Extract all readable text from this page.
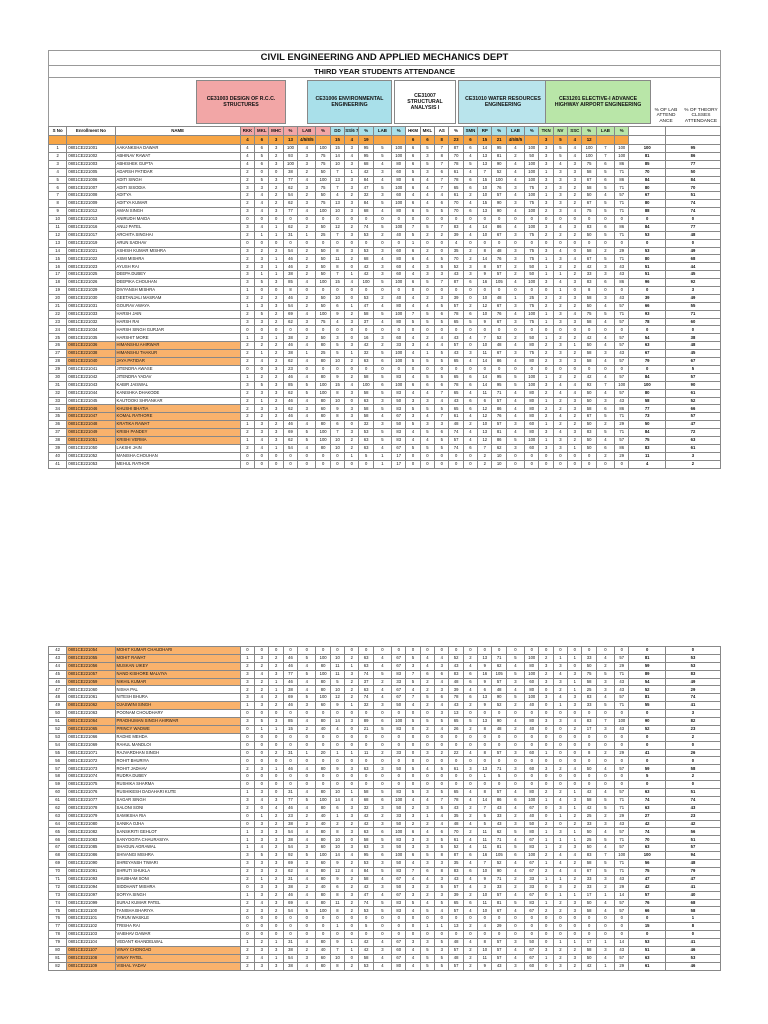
CIVIL ENGINEERING AND APPLIED MECHANICS DEPT
THIRD YEAR STUDENTS ATTENDANCE
CE31003 DESIGN OF R.C.C. STRUCTURES
CE31006 ENVIRONMENTAL ENGINEERING
CE31007 STRUCTURAL ANALYSIS I
CE31010 WATER RESOURCES ENGINEERING
CE31201 ELECTIVE-I ADVANCE HIGHWAY AIRPORT ENGINEERING
% OF LAB ATTEND ANCE
% OF THEORY CLSSES ATTENDANCE
S No	Enrollment No	NAME	RKK	MKL	MHC	%	LAB	%	DD	SS/6 7	%	LAB	%	HKM	MKL	AS	%	SMN	RP	%	LAB	%	TKN	NV	SSC	%	LAB	%		
			4	6	3	13	4/5/8/5		15	4	19			6	6	8	23	6	15	21	4/5/8/5		3	5	4	12				
1	0801CE221001	AAKANKSHA DAWAR	4	6	3	100	4	100	15	3	95	5	100	6	5	7	87	6	14	95	4	100	3	5	4	100	7	100	100	95
2	0801CE221002	ABHINAV RAWAT	4	5	2	93	3	75	14	4	95	5	100	6	3	8	70	4	13	81	2	50	3	5	4	100	7	100	81	86
3	0801CE221003	ABHISHEK GUPTA	4	6	3	100	3	75	10	3	68	4	80	6	5	7	78	5	13	90	4	100	3	4	3	75	6	86	85	77
4	0801CE221005	ADARSH PATIDAR	2	0	0	38	2	50	7	1	42	3	60	5	3	6	61	4	7	52	4	100	1	3	3	58	5	71	70	50
5	0801CE221006	ADITI SINGH	2	5	3	77	4	100	13	3	84	4	80	6	4	7	78	6	15	100	4	100	3	3	3	67	6	86	84	84
6	0801CE221007	ADITI SISODIA	3	3	2	62	3	75	7	3	47	5	100	6	4	7	65	6	10	76	3	75	2	3	2	58	5	71	80	70
7	0801CE221008	ADITYA	2	4	2	54	2	50	4	2	32	3	60	4	4	4	61	2	10	57	4	100	1	3	2	50	4	57	67	51
8	0801CE221009	ADITYA KUMAR	2	4	2	62	3	75	13	3	84	5	100	6	4	6	70	4	15	90	3	75	3	3	2	67	5	71	80	74
9	0801CE221012	AMAN SINGH	3	4	3	77	4	100	10	3	68	4	80	6	5	5	70	6	13	90	4	100	2	3	4	75	5	71	88	74
10	0801CE221013	ANIRUDH MAIDA	0	0	0	0	0	0	0	0	0	0	0	0	0	0	0	0	0	0	0	0	0	0	0	0	0	0	0	0
11	0801CE221016	ANUJ PATEL	3	4	1	62	2	50	12	2	74	5	100	7	5	7	83	4	14	86	4	100	3	4	3	83	6	86	84	77
12	0801CE221017	ARCHITA SINGHAI	2	1	1	31	1	25	7	3	53	2	40	5	2	2	39	4	10	67	3	75	2	2	2	50	5	71	53	48
13	0801CE221019	ARUN SADHAV	0	0	0	0	0	0	0	0	0	0	0	1	0	0	4	0	0	0	0	0	0	0	0	0	0	0	0	0
14	0801CE221021	ASHISH KUMAR MISHRA	3	2	2	54	2	50	8	3	53	3	60	6	2	0	35	2	8	48	3	75	3	4	0	58	2	29	53	49
15	0801CE221022	ASMI MISHRA	2	3	1	46	2	50	11	2	68	4	80	6	4	5	70	2	14	76	3	75	1	3	4	67	5	71	80	68
16	0801CE221023	AYUSH RAI	2	3	1	46	2	50	8	0	42	3	60	4	3	5	52	3	8	57	2	50	1	2	2	42	3	43	51	44
17	0801CE221025	DEEPA DUBEY	3	1	1	38	2	50	7	1	42	3	60	4	3	3	43	3	9	57	2	50	1	1	2	33	3	43	51	45
18	0801CE221026	DEEPIKA CHOUHAN	3	5	3	85	4	100	15	4	100	5	100	6	5	7	87	6	16	105	4	100	3	4	3	83	6	86	96	92
19	0801CE221029	DIVYANSH MISHRA	1	0	0	8	0	0	0	0	0	0	0	0	0	0	0	0	0	0	0	0	0	1	0	8	0	0	0	3
20	0801CE221030	GEETANJALI MASRAM	2	2	2	46	2	50	10	0	53	2	40	4	2	3	39	0	10	48	1	25	2	2	3	58	3	43	39	49
21	0801CE221031	GOURAV AWAYA	1	3	3	54	2	50	6	1	47	4	80	4	4	5	57	2	12	67	3	75	2	2	2	50	4	57	66	55
22	0801CE221033	HARSH JAIN	2	5	2	69	4	100	9	2	58	5	100	7	5	6	78	6	10	76	4	100	1	3	4	75	5	71	93	71
23	0801CE221032	HARSH RAI	3	3	2	62	3	75	4	3	37	4	80	5	5	5	65	5	9	67	3	75	1	3	3	58	4	57	78	60
24	0801CE221034	HARSH SINGH GURJAR	0	0	0	0	0	0	0	0	0	0	0	0	0	0	0	0	0	0	0	0	0	0	0	0	0	0	0	0
25	0801CE221035	HARSHIT MORE	1	3	1	38	2	50	3	0	16	3	60	4	2	4	43	4	7	52	2	50	1	2	2	42	4	57	54	38
26	0801CE221036	HIMANSHU AHIRWAR	2	2	2	46	4	80	5	3	42	2	33	3	4	4	57	0	10	48	4	80	2	3	1	50	4	57	63	48
27	0801CE221038	HIMANSHU THAKUR	2	1	2	38	1	25	5	1	32	5	100	4	1	5	43	3	11	67	3	75	2	3	2	58	3	43	67	45
28	0801CE221040	JAYA PATIDAR	2	4	2	62	4	80	10	2	63	6	100	5	5	5	65	4	14	86	4	80	2	3	3	58	4	57	79	67
29	0801CE221041	JITENDRA AWASE	0	0	3	23	0	0	0	0	0	0	0	0	0	0	0	0	0	0	0	0	0	0	0	0	0	0	0	5
30	0801CE221042	JITENDRA YADAV	1	2	2	46	4	80	9	2	58	5	83	4	5	5	65	6	14	95	5	100	1	2	2	42	4	57	84	57
31	0801CE221043	KABIR JAISWAL	3	5	3	85	5	100	15	4	100	6	100	6	6	6	78	6	14	95	5	100	3	4	4	92	7	100	100	90
32	0801CE221044	KANISHKA DHAKODE	2	3	3	62	5	100	8	3	58	5	83	4	4	7	65	4	11	71	4	80	2	4	4	50	4	57	80	61
33	0801CE221045	KAUTOOKI SHRANKAR	2	1	2	46	4	80	10	0	63	3	50	3	3	4	43	6	6	57	4	80	1	2	3	50	3	43	58	52
34	0801CE221046	KHUSHI BHATIA	2	3	3	62	3	60	9	3	58	5	83	5	5	5	65	6	12	86	4	80	2	2	3	58	6	86	77	66
35	0801CE221047	KOMAL RATHORE	2	2	2	46	4	80	8	3	58	4	67	3	4	7	61	4	12	76	4	80	2	4	2	67	5	71	73	57
36	0801CE221048	KRATIKA RAWAT	1	3	2	46	4	80	6	0	32	3	50	5	3	3	48	2	10	57	3	60	1	2	2	50	2	29	50	47
37	0801CE221049	KRISH PANDEY	2	3	3	69	5	100	7	3	53	5	83	4	5	6	74	4	13	81	4	80	3	4	3	83	5	71	84	72
38	0801CE221051	KRISHI VERMA	1	4	3	62	5	100	10	2	63	5	83	4	4	5	57	4	12	86	5	100	1	3	2	50	4	57	75	63
39	0801CE221050	LAKSHI JAIN	2	4	1	54	4	80	10	2	63	4	67	5	5	5	74	6	7	62	3	60	3	3	1	50	6	86	83	61
40	0801CE221052	MANISHA CHOUHAN	0	0	0	0	0	0	0	1	5	1	17	0	0	0	0	0	2	10	0	0	0	0	0	0	2	29	11	3
41	0801CE221053	MEHUL RATHOR	0	0	0	0	0	0	0	0	0	1	17	0	0	0	0	0	2	10	0	0	0	0	0	0	0	0	4	2
42	0801CE221054	MOHIT KUMAR CHAUDHARI	0	0	0	0	0	0	0	0	0	0	0	0	0	0	0	0	0	0	0	0	0	0	0	0	0	0	0	0
43	0801CE221055	MOHIT RAWAT	1	3	2	46	5	100	10	2	63	4	67	5	4	4	52	2	13	71	5	100	2	1	1	33	4	57	81	53
44	0801CE221056	MUSKAN UIKEY	2	2	2	46	4	80	11	1	63	4	67	3	4	3	43	4	9	62	4	80	3	3	0	50	2	29	59	53
45	0801CE221057	NAND KISHORE MALVIYA	3	4	3	77	5	100	11	3	74	5	83	7	6	6	83	6	16	105	5	100	2	4	3	75	5	71	89	83
46	0801CE221059	NIKHIL KUMAR	3	2	1	46	4	80	5	2	37	2	33	5	2	4	48	6	9	57	3	60	3	3	1	58	3	43	54	49
47	0801CE221060	NISHA PAL	2	2	1	38	4	80	10	2	63	4	67	4	2	3	39	4	6	48	4	80	0	2	1	25	3	43	52	29
48	0801CE221061	NITESH BHURA	3	4	2	69	5	100	12	2	74	4	67	7	5	6	78	6	13	90	5	100	3	4	3	83	4	57	81	74
49	0801CE221062	OJASWINI SINGH	1	3	2	46	3	60	9	1	32	3	50	4	2	4	43	2	9	52	2	40	0	1	3	33	5	71	55	41
50	0801CE221063	POONAM CHOUDHARY	0	0	0	0	0	0	0	0	0	0	0	0	0	3	13	0	0	0	0	0	0	0	0	0	0	0	0	3
51	0801CE221064	PRADHUMAN SINGH AHIRWAR	3	5	3	85	4	80	14	3	89	6	100	5	5	5	65	5	13	90	4	80	3	3	4	83	7	100	90	82
52	0801CE221065	PRINCY WADWE	0	1	1	15	2	40	4	0	21	5	83	0	2	4	26	2	8	48	2	40	0	0	2	17	3	43	52	23
53	0801CE221066	RADHE MEHDA	0	0	0	0	0	0	0	0	0	0	0	0	0	0	0	0	0	0	0	0	0	0	0	0	0	0	0	2
54	0801CE221069	RAHUL MANDLOI	0	0	0	0	0	0	0	0	0	0	0	0	0	0	0	0	0	0	0	0	0	0	0	0	0	0	0	0
55	0801CE221071	RAJVARDHAN SINGH	0	0	2	31	1	20	1	1	11	2	33	0	3	2	22	4	8	57	3	60	1	0	0	8	2	29	41	26
56	0801CE221072	ROHIT BHURIYA	0	0	0	0	0	0	0	0	0	0	0	0	0	0	0	0	0	0	0	0	0	0	0	0	0	0	0	0
57	0801CE221073	ROHIT JADHAV	2	3	1	46	4	80	9	3	63	3	50	5	4	5	61	3	13	71	3	60	3	2	4	50	4	57	59	58
58	0801CE221074	RUDRA DUBEY	0	0	0	0	0	0	0	0	0	0	0	0	0	0	0	0	1	5	0	0	0	0	0	0	0	0	5	2
59	0801CE221075	RUSHIKA SHARMA	0	0	0	0	0	0	0	0	0	0	0	0	0	0	0	0	0	0	0	0	0	0	0	0	0	0	0	0
60	0801CE221076	RUSHIKESH DADAHARI KUTE	1	3	0	31	4	80	10	1	58	5	83	5	3	5	65	4	8	57	4	80	2	2	1	42	4	57	63	51
61	0801CE221077	SAGAR SINGH	3	4	3	77	5	100	14	4	68	6	100	4	4	7	78	4	14	86	6	100	1	4	3	58	5	71	74	74
62	0801CE221078	SALONI SONI	2	0	4	46	4	80	6	3	32	3	50	2	3	5	43	2	7	43	4	67	0	3	1	42	5	71	63	43
63	0801CE221079	SAMIKSHA RIA	0	1	2	23	2	40	1	3	42	2	33	3	1	4	35	2	5	33	2	40	0	1	2	25	2	29	27	23
64	0801CE221080	SANIKA OJHA	0	3	2	38	2	40	2	2	42	3	50	2	2	4	48	4	5	43	3	50	2	0	2	33	3	43	42	42
65	0801CE221082	SANSKRITI GEHLOT	1	3	3	54	4	80	8	3	63	6	100	6	4	6	70	2	11	62	5	80	1	3	1	50	4	57	74	56
66	0801CE221083	SANYOGITA CHAURASIYA	1	3	3	38	4	80	10	0	58	5	83	3	3	5	61	4	11	71	4	67	1	1	1	25	5	71	70	51
67	0801CE221085	SHAGUN AGRAWAL	1	4	2	54	3	60	10	3	63	3	50	3	3	5	52	4	11	81	5	83	1	2	3	50	4	57	63	57
68	0801CE221086	SHIVANGI MISHRA	3	5	3	92	5	100	14	4	95	6	100	6	5	8	87	6	16	105	6	100	2	4	4	83	7	100	100	94
69	0801CE221090	SHREYANSH TIWARI	3	3	3	69	3	60	9	2	53	3	50	4	3	3	35	4	7	52	4	67	1	4	2	58	5	71	56	48
70	0801CE221091	SHRUTI SHUKLA	2	3	2	62	4	80	12	4	84	5	83	7	6	8	83	6	10	90	4	67	2	4	4	67	5	71	75	79
71	0801CE221093	SHUBHAM SONI	2	1	2	31	4	80	9	2	58	4	67	4	4	3	43	4	9	71	2	33	1	1	2	33	3	43	47	47
72	0801CE221094	SIDDHANT MISHRA	0	3	3	38	2	40	6	2	42	3	50	3	2	5	57	4	3	33	2	33	0	3	2	33	2	29	42	41
73	0801CE221097	SOFIYA SINGH	1	3	2	46	4	80	8	3	47	4	67	3	2	3	39	2	10	57	4	67	0	1	1	17	1	14	57	40
74	0801CE221099	SURAJ KUMAR PATEL	2	4	3	69	4	80	11	2	74	5	83	5	4	5	65	6	11	81	5	83	1	2	3	50	4	57	76	68
75	0801CE221100	TANISHA BHARIYA	2	3	2	54	5	100	8	2	53	5	83	4	5	4	57	4	10	67	4	67	2	2	3	58	4	57	66	58
76	0801CE221101	TARUN WASKLE	0	0	0	0	0	0	0	0	0	0	0	0	0	0	0	0	0	0	0	0	0	0	0	0	0	0	0	1
77	0801CE221102	TRISHA RAI	0	0	0	0	0	0	1	0	5	0	0	0	1	1	13	2	4	29	0	0	0	0	0	0	0	0	15	8
78	0801CE221103	VAIBHAV DAWAR	0	0	0	0	0	0	0	0	0	0	0	0	0	0	0	0	0	0	0	0	0	0	0	0	0	0	0	0
79	0801CE221104	VEDANT KHANDELWAL	1	2	1	31	4	80	9	1	42	4	67	3	3	5	48	4	8	57	3	50	0	1	1	17	1	14	53	41
80	0801CE221107	VINAY CHONGAD	2	3	3	38	2	40	7	1	42	3	60	4	5	3	57	2	10	57	4	67	3	2	2	58	3	43	51	46
81	0801CE221108	VINAY PATEL	2	4	1	54	3	60	10	0	58	4	67	4	5	5	48	2	11	57	4	67	1	2	3	50	4	57	63	53
82	0801CE221109	VISHAL YADAV	2	3	3	38	4	80	8	2	53	4	80	4	5	5	57	2	9	43	3	60	0	3	2	42	1	29	61	46
